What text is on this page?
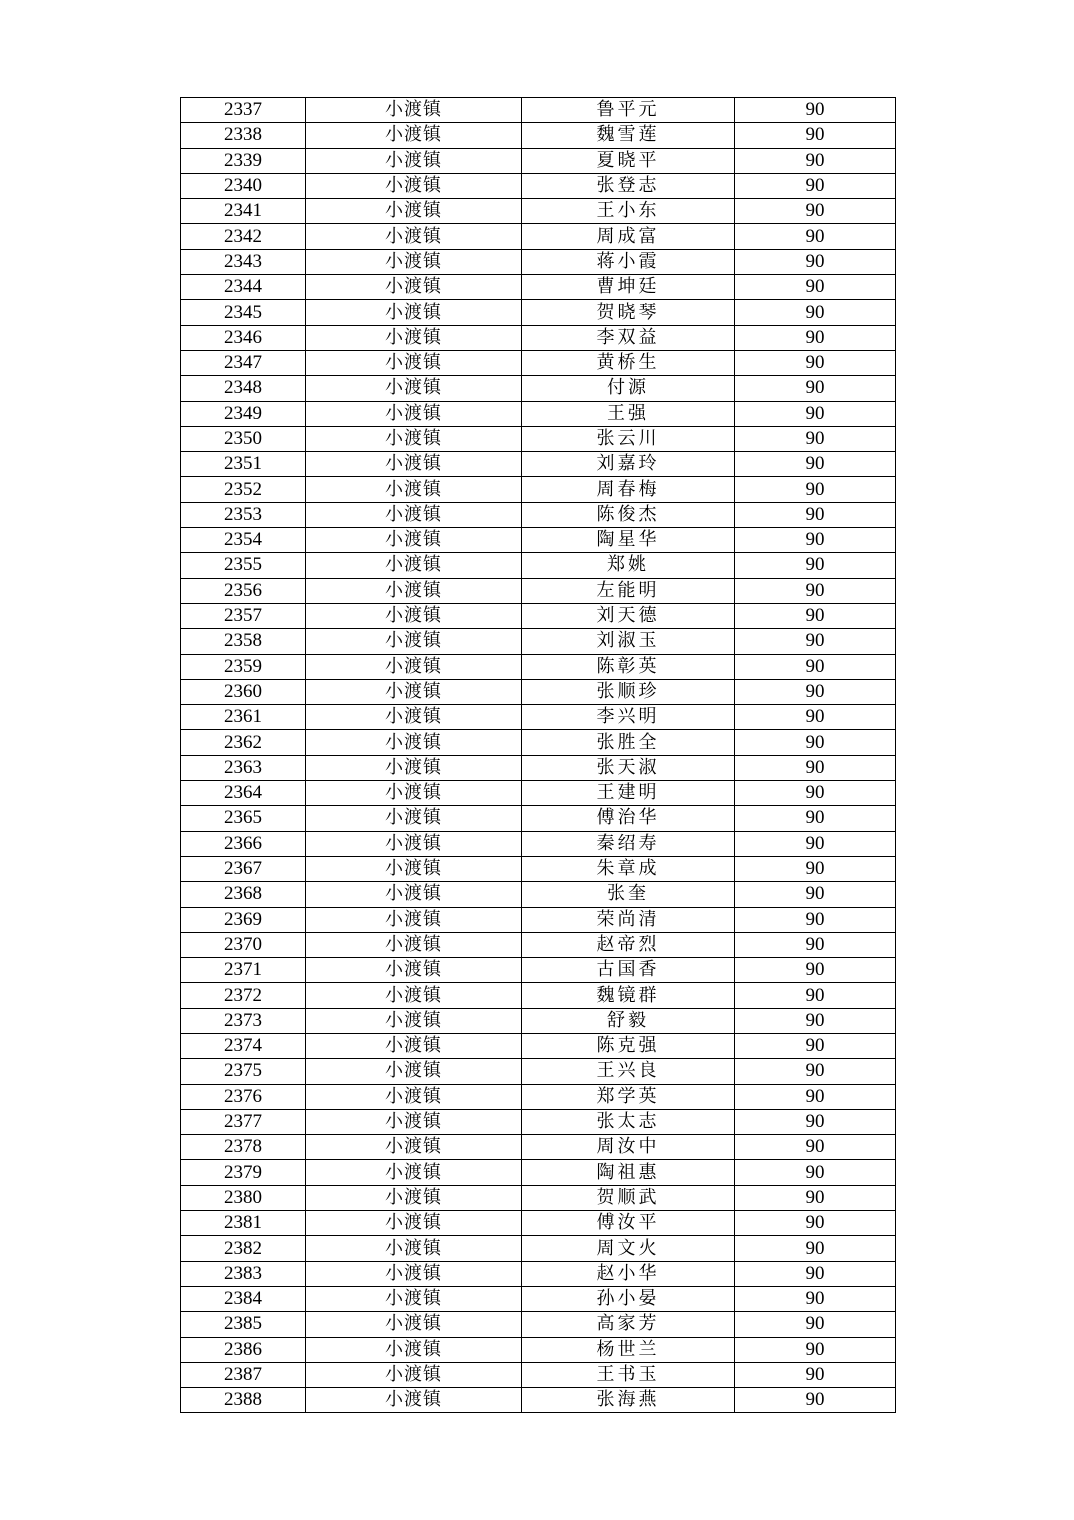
2337	小渡镇	鲁平元	90
2338	小渡镇	魏雪莲	90
2339	小渡镇	夏晓平	90
2340	小渡镇	张登志	90
2341	小渡镇	王小东	90
2342	小渡镇	周成富	90
2343	小渡镇	蒋小霞	90
2344	小渡镇	曹坤廷	90
2345	小渡镇	贺晓琴	90
2346	小渡镇	李双益	90
2347	小渡镇	黄桥生	90
2348	小渡镇	付源	90
2349	小渡镇	王强	90
2350	小渡镇	张云川	90
2351	小渡镇	刘嘉玲	90
2352	小渡镇	周春梅	90
2353	小渡镇	陈俊杰	90
2354	小渡镇	陶星华	90
2355	小渡镇	郑姚	90
2356	小渡镇	左能明	90
2357	小渡镇	刘天德	90
2358	小渡镇	刘淑玉	90
2359	小渡镇	陈彰英	90
2360	小渡镇	张顺珍	90
2361	小渡镇	李兴明	90
2362	小渡镇	张胜全	90
2363	小渡镇	张天淑	90
2364	小渡镇	王建明	90
2365	小渡镇	傅治华	90
2366	小渡镇	秦绍寿	90
2367	小渡镇	朱章成	90
2368	小渡镇	张奎	90
2369	小渡镇	荣尚清	90
2370	小渡镇	赵帝烈	90
2371	小渡镇	古国香	90
2372	小渡镇	魏镜群	90
2373	小渡镇	舒毅	90
2374	小渡镇	陈克强	90
2375	小渡镇	王兴良	90
2376	小渡镇	郑学英	90
2377	小渡镇	张太志	90
2378	小渡镇	周汝中	90
2379	小渡镇	陶祖惠	90
2380	小渡镇	贺顺武	90
2381	小渡镇	傅汝平	90
2382	小渡镇	周文火	90
2383	小渡镇	赵小华	90
2384	小渡镇	孙小晏	90
2385	小渡镇	高家芳	90
2386	小渡镇	杨世兰	90
2387	小渡镇	王书玉	90
2388	小渡镇	张海燕	90
